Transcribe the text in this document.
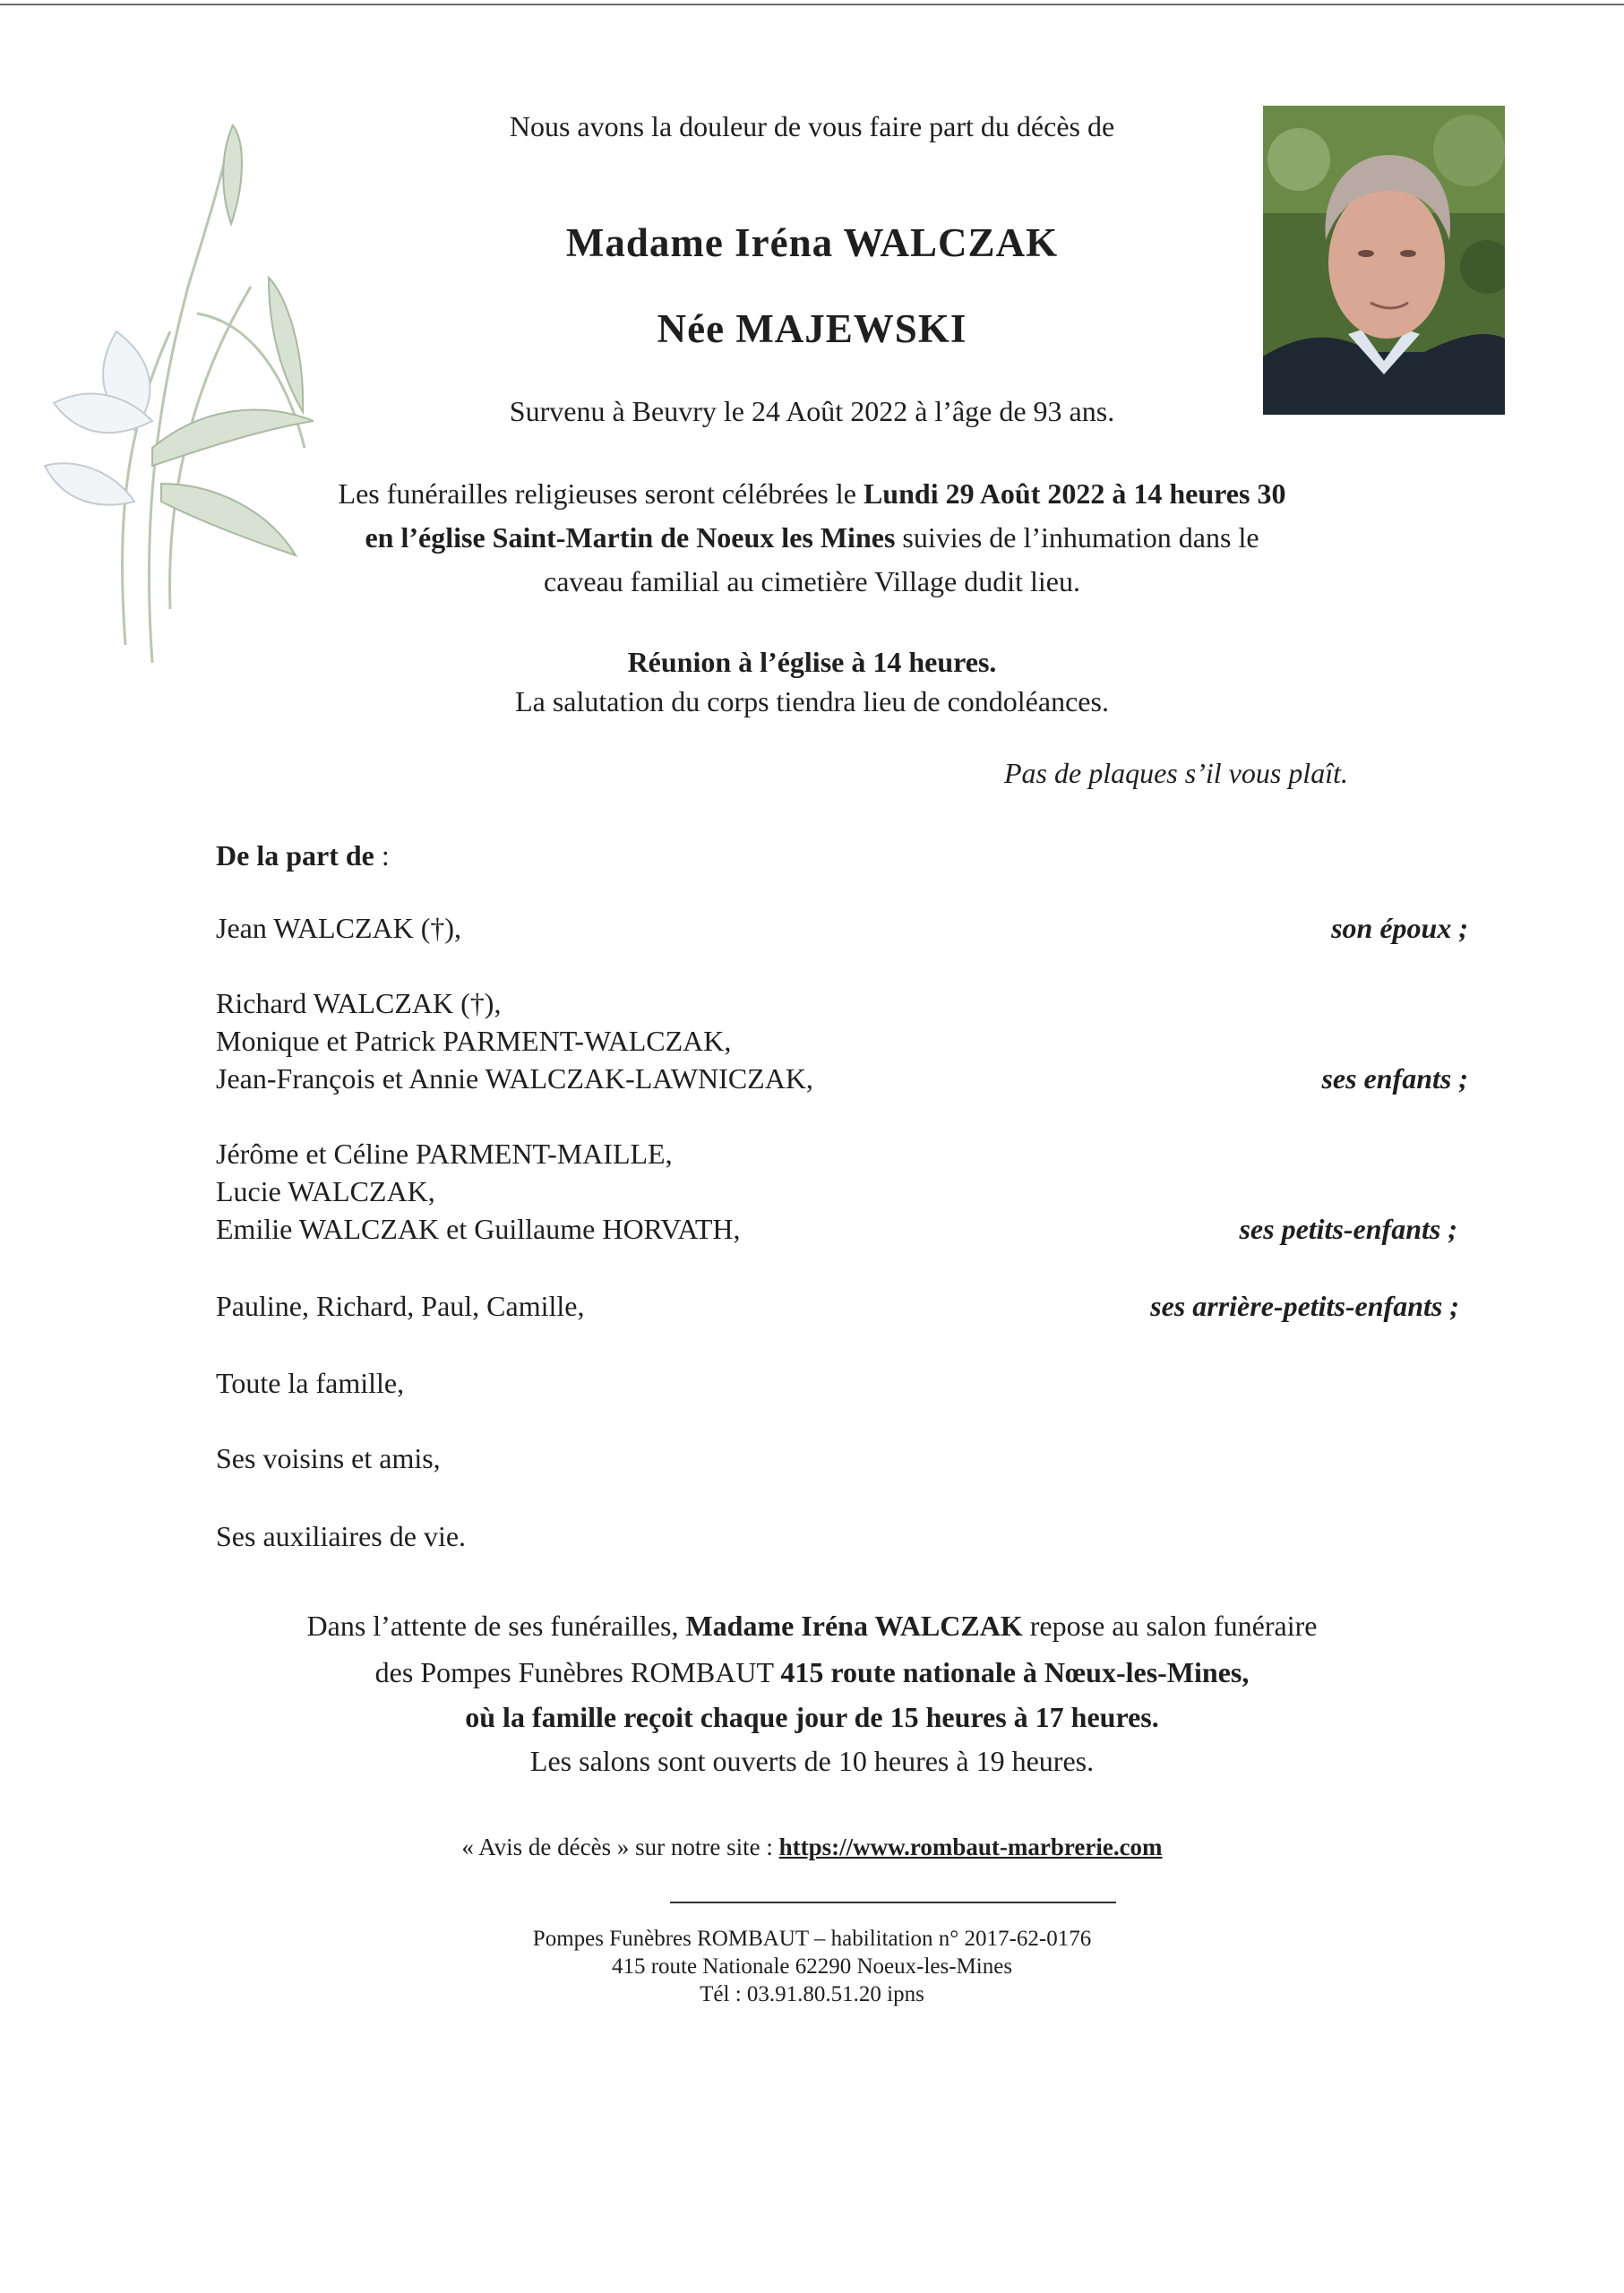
Nous avons la douleur de vous faire part du décès de
Madame Iréna WALCZAK
Née MAJEWSKI
Survenu à Beuvry le 24 Août 2022 à l’âge de 93 ans.
Les funérailles religieuses seront célébrées le Lundi 29 Août 2022 à 14 heures 30
en l’église Saint-Martin de Noeux les Mines suivies de l’inhumation dans le
caveau familial au cimetière Village dudit lieu.
Réunion à l’église à 14 heures.
La salutation du corps tiendra lieu de condoléances.
Pas de plaques s’il vous plaît.
De la part de :
Jean WALCZAK (†),	son époux ;
Richard WALCZAK (†),
Monique et Patrick PARMENT-WALCZAK,
Jean-François et Annie WALCZAK-LAWNICZAK,	ses enfants ;
Jérôme et Céline PARMENT-MAILLE,
Lucie WALCZAK,
Emilie WALCZAK et Guillaume HORVATH,	ses petits-enfants ;
Pauline, Richard, Paul, Camille,	ses arrière-petits-enfants ;
Toute la famille,
Ses voisins et amis,
Ses auxiliaires de vie.
Dans l’attente de ses funérailles, Madame Iréna WALCZAK repose au salon funéraire
des Pompes Funèbres ROMBAUT 415 route nationale à Nœux-les-Mines,
où la famille reçoit chaque jour de 15 heures à 17 heures.
Les salons sont ouverts de 10 heures à 19 heures.
« Avis de décès » sur notre site : https://www.rombaut-marbrerie.com
Pompes Funèbres ROMBAUT – habilitation n° 2017-62-0176
415 route Nationale 62290 Noeux-les-Mines
Tél : 03.91.80.51.20 ipns
